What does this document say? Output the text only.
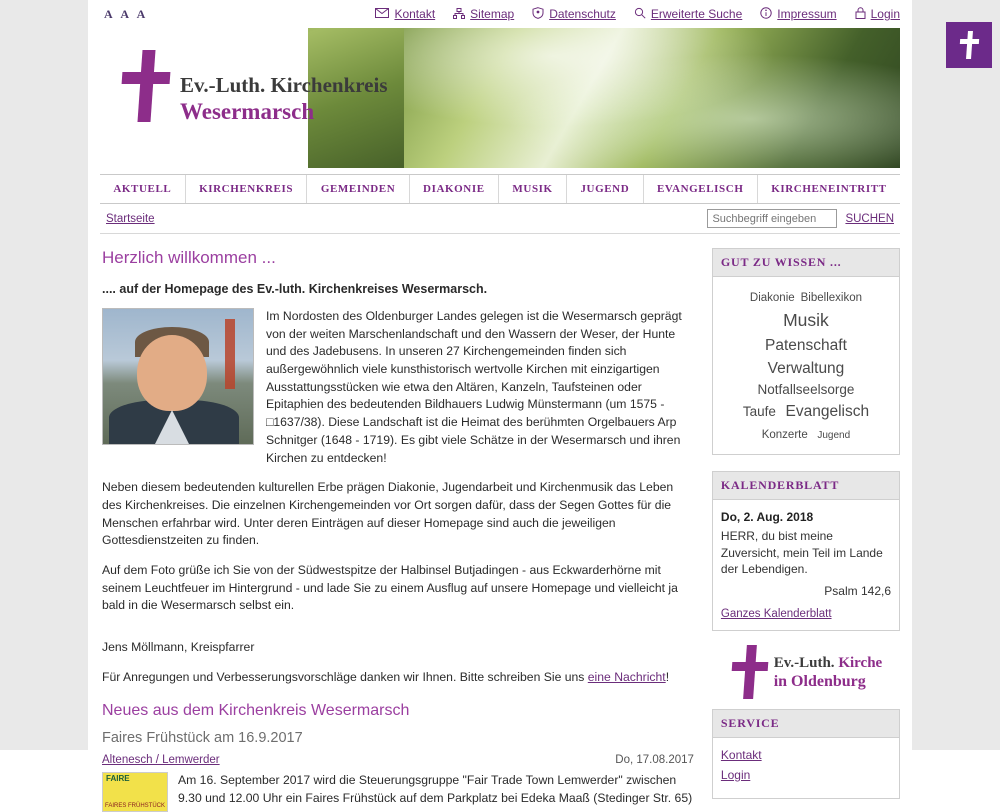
A A A	Kontakt	Sitemap	Datenschutz	Erweiterte Suche	Impressum	Login
Ev.-Luth. Kirchenkreis
Wesermarsch
AKTUELL	KIRCHENKREIS	GEMEINDEN	DIAKONIE	MUSIK	JUGEND	EVANGELISCH	KIRCHENEINTRITT
Startseite
Suchbegriff eingeben	SUCHEN
Herzlich willkommen ...
.... auf der Homepage des Ev.-luth. Kirchenkreises Wesermarsch.

Im Nordosten des Oldenburger Landes gelegen ist die Wesermarsch geprägt von der weiten Marschenlandschaft und den Wassern der Weser, der Hunte und des Jadebusens. In unseren 27 Kirchengemeinden finden sich außergewöhnlich viele kunsthistorisch wertvolle Kirchen mit einzigartigen Ausstattungsstücken wie etwa den Altären, Kanzeln, Taufsteinen oder Epitaphien des bedeutenden Bildhauers Ludwig Münstermann (um 1575 - □1637/38). Diese Landschaft ist die Heimat des berühmten Orgelbauers Arp Schnitger (1648 - 1719). Es gibt viele Schätze in der Wesermarsch und ihren Kirchen zu entdecken!

Neben diesem bedeutenden kulturellen Erbe prägen Diakonie, Jugendarbeit und Kirchenmusik das Leben des Kirchenkreises. Die einzelnen Kirchengemeinden vor Ort sorgen dafür, dass der Segen Gottes für die Menschen erfahrbar wird. Unter deren Einträgen auf dieser Homepage sind auch die jeweiligen Gottesdienstzeiten zu finden.

Auf dem Foto grüße ich Sie von der Südwestspitze der Halbinsel Butjadingen - aus Eckwarderhörne mit seinem Leuchtfeuer im Hintergrund - und lade Sie zu einem Ausflug auf unsere Homepage und vielleicht ja bald in die Wesermarsch selbst ein.

Jens Möllmann, Kreispfarrer

Für Anregungen und Verbesserungsvorschläge danken wir Ihnen. Bitte schreiben Sie uns eine Nachricht!

Neues aus dem Kirchenkreis Wesermarsch
Faires Frühstück am 16.9.2017
Altenesch / Lemwerder	Do, 17.08.2017
FAIRE
FAIRES FRÜHSTÜCK
Am 16. September 2017 wird die Steuerungsgruppe "Fair Trade Town Lemwerder" zwischen 9.30 und 12.00 Uhr ein Faires Frühstück auf dem Parkplatz bei Edeka Maaß (Stedinger Str. 65)
GUT ZU WISSEN ...
Diakonie Bibellexikon
Musik
Patenschaft
Verwaltung
Notfallseelsorge
Taufe Evangelisch
Konzerte Jugend
KALENDERBLATT
Do, 2. Aug. 2018
HERR, du bist meine Zuversicht, mein Teil im Lande der Lebendigen.
Psalm 142,6
Ganzes Kalenderblatt
Ev.-Luth. Kirche
in Oldenburg
SERVICE
Kontakt
Login
